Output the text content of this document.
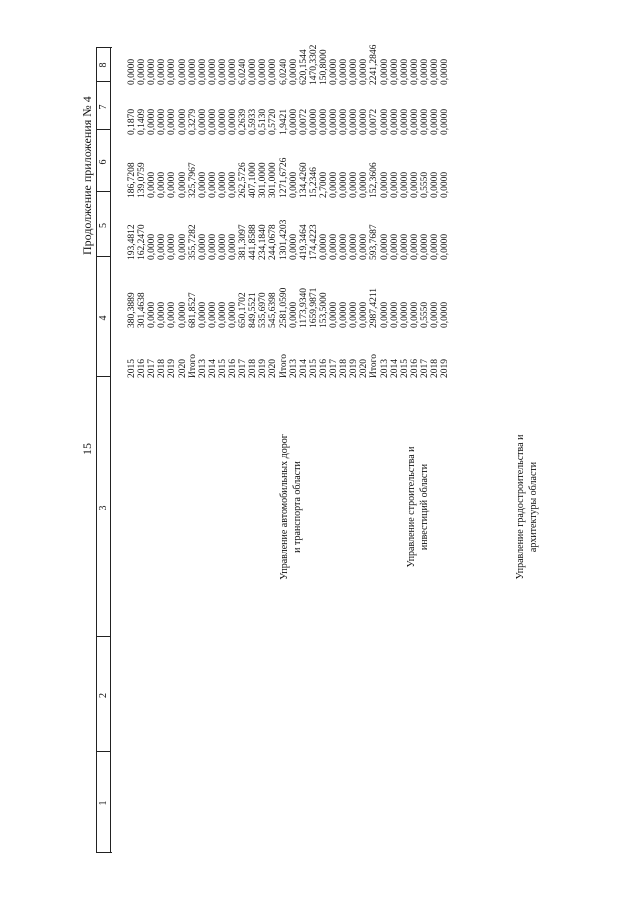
15
Продолжение приложения № 4
1
2
3
4
5
6
7
8
Управление автомобильных дорог и транспорта области	Управление строительства и инвестиций области	Управление градостроительства и архитектуры области
2015
380,3889
193,4812
186,7208
0,1870
0,0000
2016
301,4638
162,2470
139,0759
0,1409
0,0000
2017
0,0000
0,0000
0,0000
0,0000
0,0000
2018
0,0000
0,0000
0,0000
0,0000
0,0000
2019
0,0000
0,0000
0,0000
0,0000
0,0000
2020
0,0000
0,0000
0,0000
0,0000
0,0000
Итого
681,8527
355,7282
325,7967
0,3279
0,0000
2013
0,0000
0,0000
0,0000
0,0000
0,0000
2014
0,0000
0,0000
0,0000
0,0000
0,0000
2015
0,0000
0,0000
0,0000
0,0000
0,0000
2016
0,0000
0,0000
0,0000
0,0000
0,0000
2017
650,1702
381,3097
262,5726
0,2639
6,0240
2018
849,5521
441,8588
407,1000
0,5933
0,0000
2019
535,6970
234,1840
301,0000
0,5130
0,0000
2020
545,6398
244,0678
301,0000
0,5720
0,0000
Итого
2581,0590
1301,4203
1271,6726
1,9421
6,0240
2013
0,0000
0,0000
0,0000
0,0000
0,0000
2014
1173,9340
419,3464
134,4260
0,0072
620,1544
2015
1659,9871
174,4223
15,2346
0,0000
1470,3302
2016
153,5000
0,0000
2,7000
0,0000
150,8000
2017
0,0000
0,0000
0,0000
0,0000
0,0000
2018
0,0000
0,0000
0,0000
0,0000
0,0000
2019
0,0000
0,0000
0,0000
0,0000
0,0000
2020
0,0000
0,0000
0,0000
0,0000
0,0000
Итого
2987,4211
593,7687
152,3606
0,0072
2241,2846
2013
0,0000
0,0000
0,0000
0,0000
0,0000
2014
0,0000
0,0000
0,0000
0,0000
0,0000
2015
0,0000
0,0000
0,0000
0,0000
0,0000
2016
0,0000
0,0000
0,0000
0,0000
0,0000
2017
0,5550
0,0000
0,5550
0,0000
0,0000
2018
0,0000
0,0000
0,0000
0,0000
0,0000
2019
0,0000
0,0000
0,0000
0,0000
0,0000
